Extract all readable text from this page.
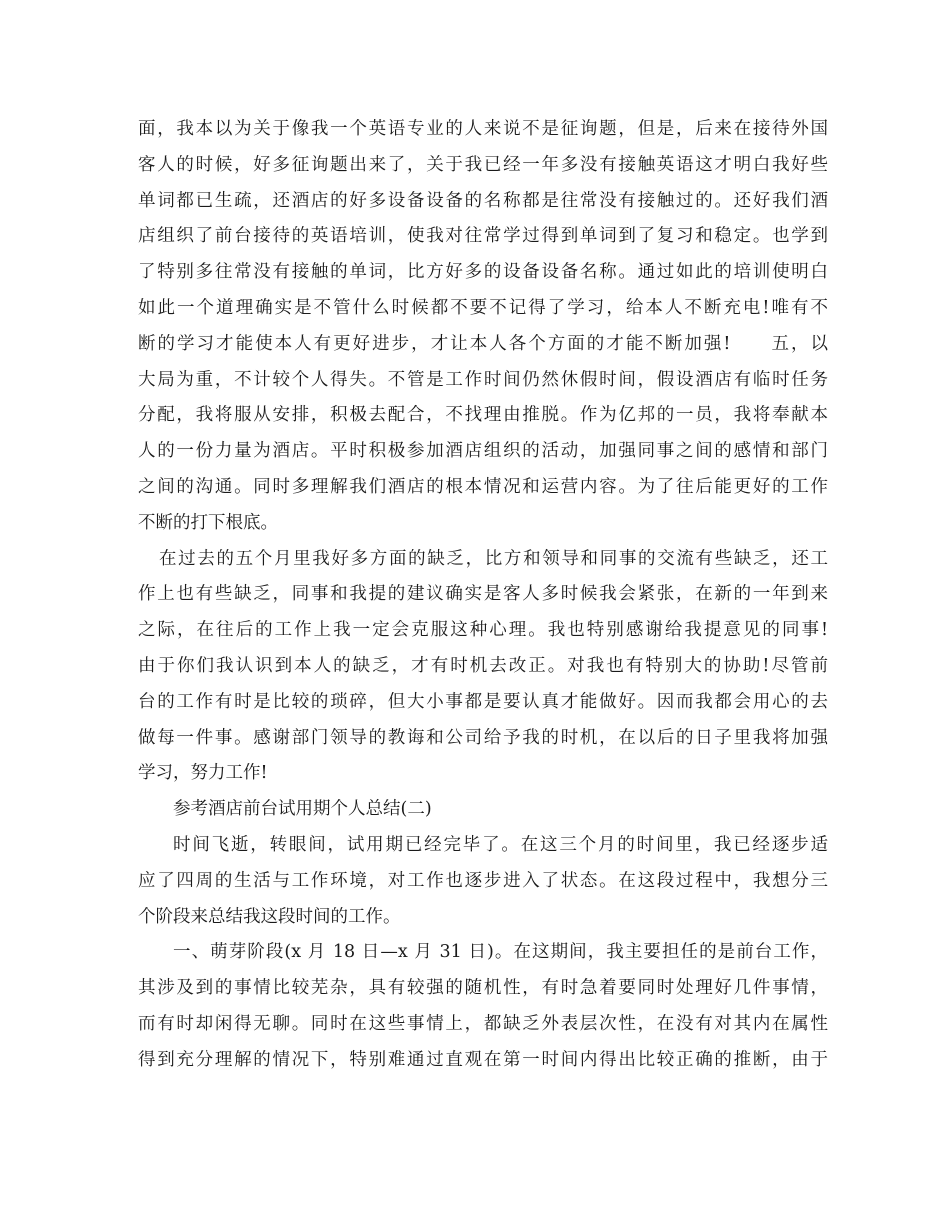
面，我本以为关于像我一个英语专业的人来说不是征询题，但是，后来在接待外国
客人的时候，好多征询题出来了，关于我已经一年多没有接触英语这才明白我好些
单词都已生疏，还酒店的好多设备设备的名称都是往常没有接触过的。还好我们酒
店组织了前台接待的英语培训，使我对往常学过得到单词到了复习和稳定。也学到
了特别多往常没有接触的单词，比方好多的设备设备名称。通过如此的培训使明白
如此一个道理确实是不管什么时候都不要不记得了学习，给本人不断充电!唯有不
断的学习才能使本人有更好进步，才让本人各个方面的才能不断加强!　　五，以
大局为重，不计较个人得失。不管是工作时间仍然休假时间，假设酒店有临时任务
分配，我将服从安排，积极去配合，不找理由推脱。作为亿邦的一员，我将奉献本
人的一份力量为酒店。平时积极参加酒店组织的活动，加强同事之间的感情和部门
之间的沟通。同时多理解我们酒店的根本情况和运营内容。为了往后能更好的工作
不断的打下根底。
在过去的五个月里我好多方面的缺乏，比方和领导和同事的交流有些缺乏，还工
作上也有些缺乏，同事和我提的建议确实是客人多时候我会紧张，在新的一年到来
之际，在往后的工作上我一定会克服这种心理。我也特别感谢给我提意见的同事!
由于你们我认识到本人的缺乏，才有时机去改正。对我也有特别大的协助!尽管前
台的工作有时是比较的琐碎，但大小事都是要认真才能做好。因而我都会用心的去
做每一件事。感谢部门领导的教诲和公司给予我的时机，在以后的日子里我将加强
学习，努力工作!
参考酒店前台试用期个人总结(二)
时间飞逝，转眼间，试用期已经完毕了。在这三个月的时间里，我已经逐步适
应了四周的生活与工作环境，对工作也逐步进入了状态。在这段过程中，我想分三
个阶段来总结我这段时间的工作。
一、萌芽阶段(x 月 18 日—x 月 31 日)。在这期间，我主要担任的是前台工作，
其涉及到的事情比较芜杂，具有较强的随机性，有时急着要同时处理好几件事情，
而有时却闲得无聊。同时在这些事情上，都缺乏外表层次性，在没有对其内在属性
得到充分理解的情况下，特别难通过直观在第一时间内得出比较正确的推断，由于
